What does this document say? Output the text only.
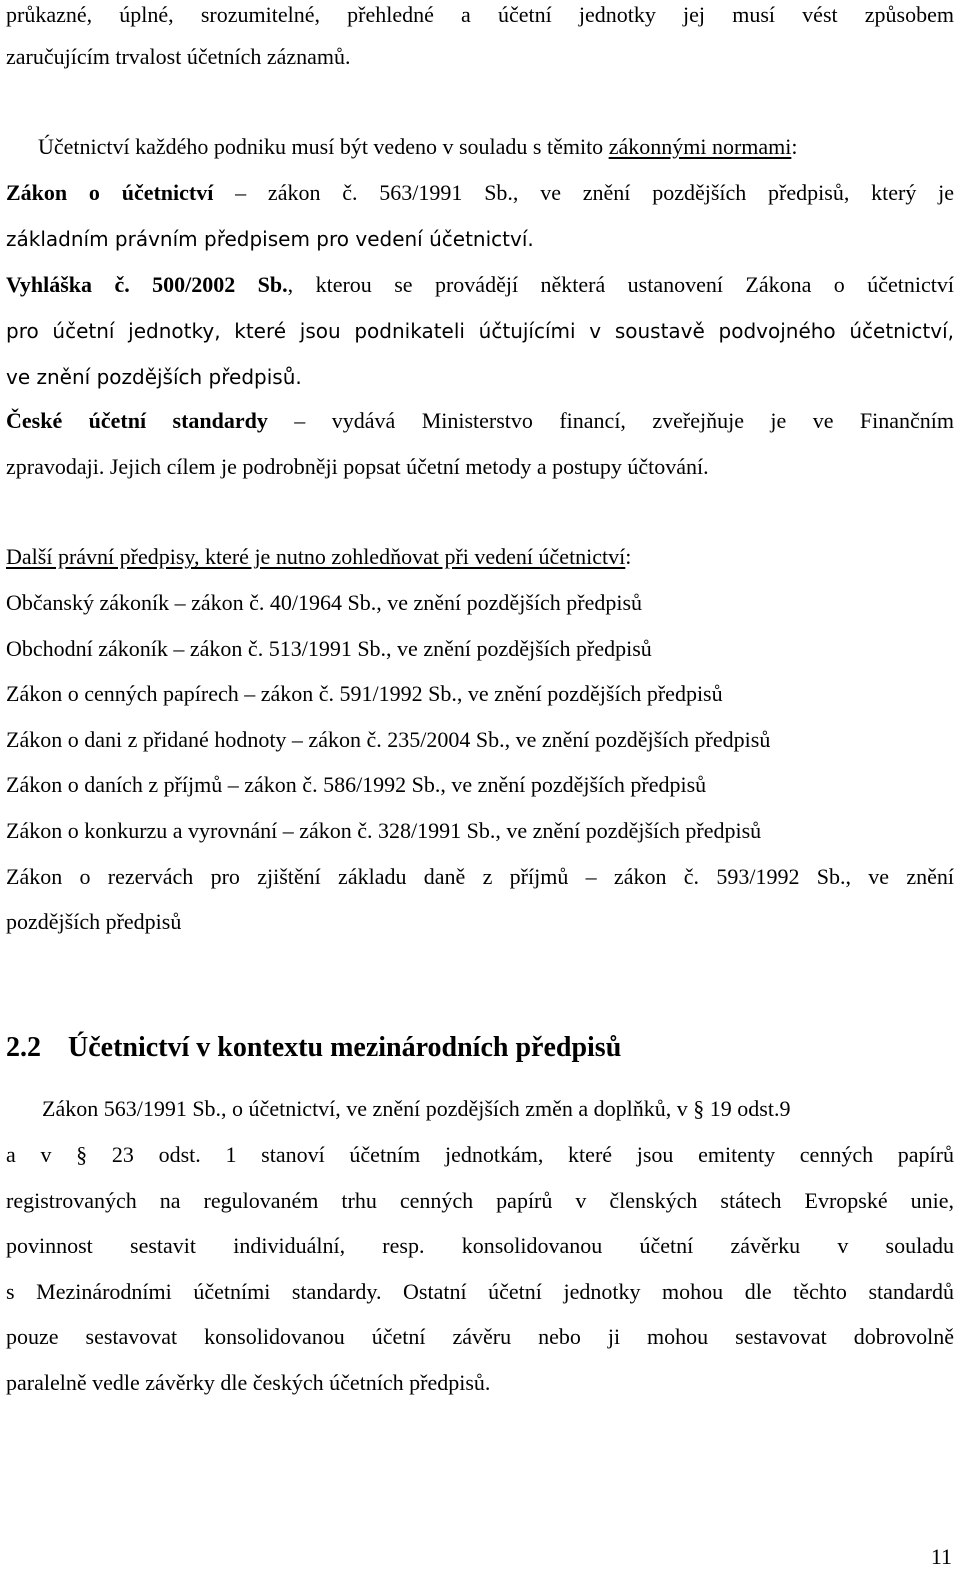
průkazné, úplné, srozumitelné, přehledné a účetní jednotky jej musí vést způsobem
zaručujícím trvalost účetních záznamů.
Účetnictví každého podniku musí být vedeno v souladu s těmito zákonnými normami:
Zákon o účetnictví – zákon č. 563/1991 Sb., ve znění pozdějších předpisů, který je
základním právním předpisem pro vedení účetnictví.
Vyhláška č. 500/2002 Sb., kterou se provádějí některá ustanovení Zákona o účetnictví
pro účetní jednotky, které jsou podnikateli účtujícími v soustavě podvojného účetnictví,
ve znění pozdějších předpisů.
České účetní standardy – vydává Ministerstvo financí, zveřejňuje je ve Finančním
zpravodaji. Jejich cílem je podrobněji popsat účetní metody a postupy účtování.
Další právní předpisy, které je nutno zohledňovat při vedení účetnictví:
Občanský zákoník – zákon č. 40/1964 Sb., ve znění pozdějších předpisů
Obchodní zákoník – zákon č. 513/1991 Sb., ve znění pozdějších předpisů
Zákon o cenných papírech – zákon č. 591/1992 Sb., ve znění pozdějších předpisů
Zákon o dani z přidané hodnoty – zákon č. 235/2004 Sb., ve znění pozdějších předpisů
Zákon o daních z příjmů – zákon č. 586/1992 Sb., ve znění pozdějších předpisů
Zákon o konkurzu a vyrovnání – zákon č. 328/1991 Sb., ve znění pozdějších předpisů
Zákon o rezervách pro zjištění základu daně z příjmů – zákon č. 593/1992 Sb., ve znění
pozdějších předpisů
2.2 Účetnictví v kontextu mezinárodních předpisů
Zákon 563/1991 Sb., o účetnictví, ve znění pozdějších změn a doplňků, v § 19 odst.9
a v § 23 odst. 1 stanoví účetním jednotkám, které jsou emitenty cenných papírů
registrovaných na regulovaném trhu cenných papírů v členských státech Evropské unie,
povinnost sestavit individuální, resp. konsolidovanou účetní závěrku v souladu
s Mezinárodními účetními standardy. Ostatní účetní jednotky mohou dle těchto standardů
pouze sestavovat konsolidovanou účetní závěru nebo ji mohou sestavovat dobrovolně
paralelně vedle závěrky dle českých účetních předpisů.
11
